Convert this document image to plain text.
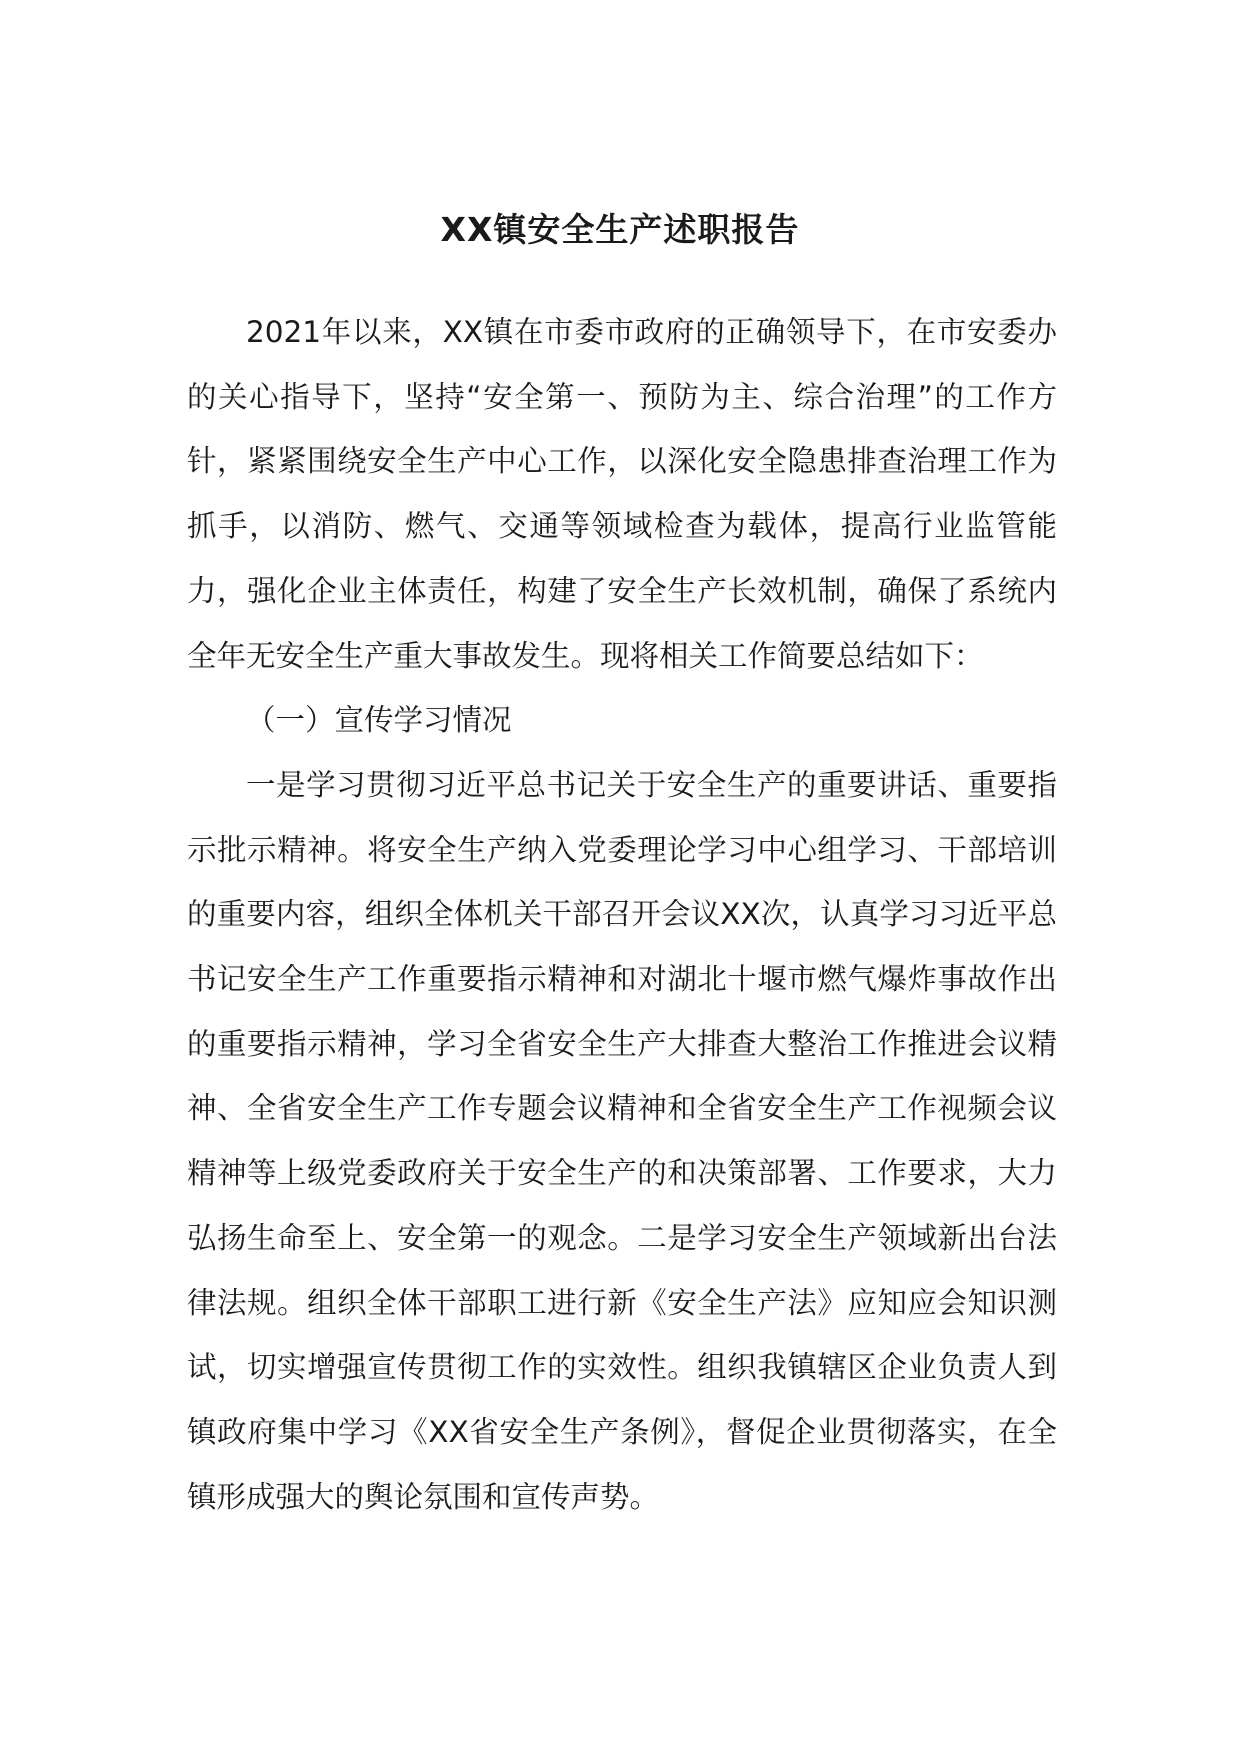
XX镇安全生产述职报告

2021年以来，XX镇在市委市政府的正确领导下，在市安委办的关心指导下，坚持“安全第一、预防为主、综合治理”的工作方针，紧紧围绕安全生产中心工作，以深化安全隐患排查治理工作为抓手，以消防、燃气、交通等领域检查为载体，提高行业监管能力，强化企业主体责任，构建了安全生产长效机制，确保了系统内全年无安全生产重大事故发生。现将相关工作简要总结如下：

（一）宣传学习情况

一是学习贯彻习近平总书记关于安全生产的重要讲话、重要指示批示精神。将安全生产纳入党委理论学习中心组学习、干部培训的重要内容，组织全体机关干部召开会议XX次，认真学习习近平总书记安全生产工作重要指示精神和对湖北十堰市燃气爆炸事故作出的重要指示精神，学习全省安全生产大排查大整治工作推进会议精神、全省安全生产工作专题会议精神和全省安全生产工作视频会议精神等上级党委政府关于安全生产的和决策部署、工作要求，大力弘扬生命至上、安全第一的观念。二是学习安全生产领域新出台法律法规。组织全体干部职工进行新《安全生产法》应知应会知识测试，切实增强宣传贯彻工作的实效性。组织我镇辖区企业负责人到镇政府集中学习《XX省安全生产条例》，督促企业贯彻落实，在全镇形成强大的舆论氛围和宣传声势。
